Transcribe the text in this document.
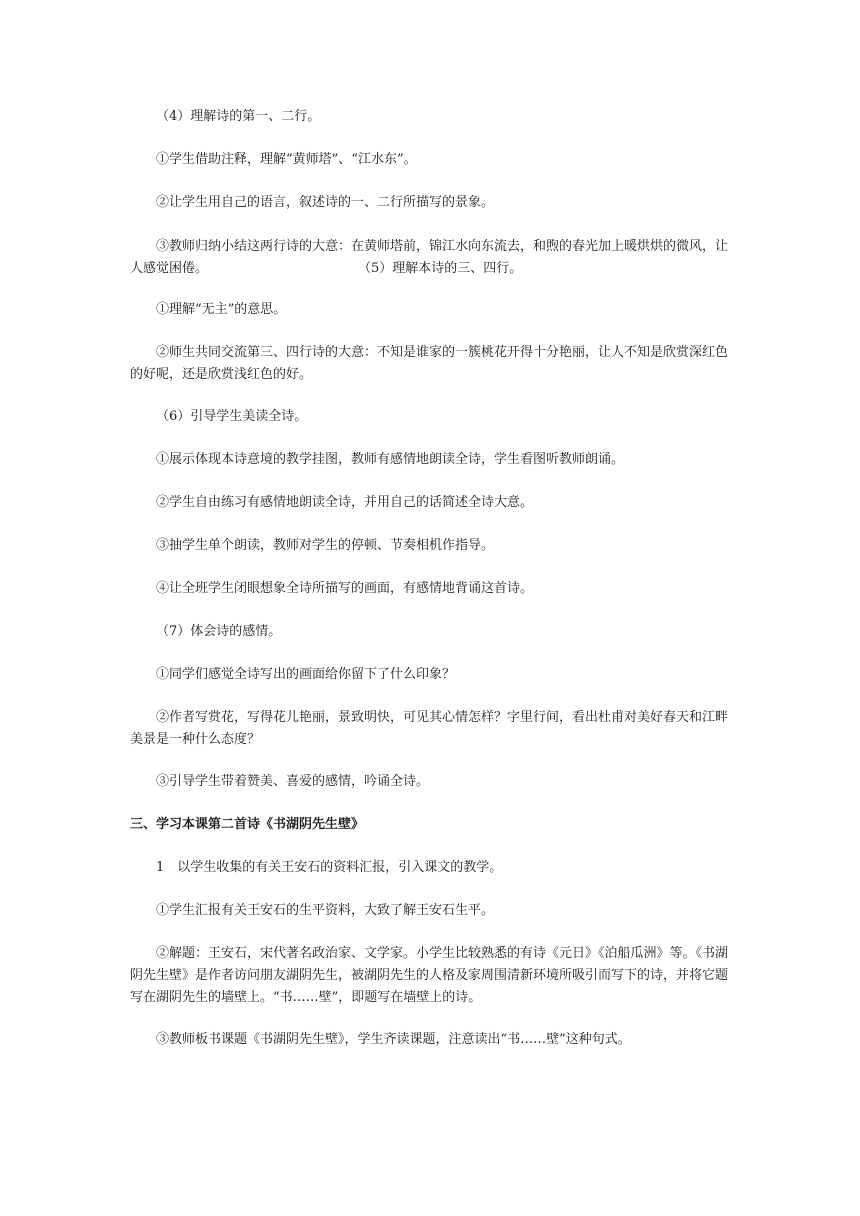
（4）理解诗的第一、二行。

①学生借助注释，理解“黄师塔”、“江水东”。

②让学生用自己的语言，叙述诗的一、二行所描写的景象。

③教师归纳小结这两行诗的大意：在黄师塔前，锦江水向东流去，和煦的春光加上暖烘烘的微风，让人感觉困倦。	（5）理解本诗的三、四行。

①理解“无主”的意思。

②师生共同交流第三、四行诗的大意：不知是谁家的一簇桃花开得十分艳丽，让人不知是欣赏深红色的好呢，还是欣赏浅红色的好。

（6）引导学生美读全诗。

①展示体现本诗意境的教学挂图，教师有感情地朗读全诗，学生看图听教师朗诵。

②学生自由练习有感情地朗读全诗，并用自己的话简述全诗大意。

③抽学生单个朗读，教师对学生的停顿、节奏相机作指导。

④让全班学生闭眼想象全诗所描写的画面，有感情地背诵这首诗。

（7）体会诗的感情。

①同学们感觉全诗写出的画面给你留下了什么印象？

②作者写赏花，写得花儿艳丽，景致明快，可见其心情怎样？字里行间，看出杜甫对美好春天和江畔美景是一种什么态度？

③引导学生带着赞美、喜爱的感情，吟诵全诗。

三、学习本课第二首诗《书湖阴先生壁》

1　以学生收集的有关王安石的资料汇报，引入课文的教学。

①学生汇报有关王安石的生平资料，大致了解王安石生平。

②解题：王安石，宋代著名政治家、文学家。小学生比较熟悉的有诗《元日》《泊船瓜洲》等。《书湖阴先生壁》是作者访问朋友湖阴先生，被湖阴先生的人格及家周围清新环境所吸引而写下的诗，并将它题写在湖阴先生的墙壁上。“书……壁”，即题写在墙壁上的诗。

③教师板书课题《书湖阴先生壁》，学生齐读课题，注意读出“书……壁”这种句式。
